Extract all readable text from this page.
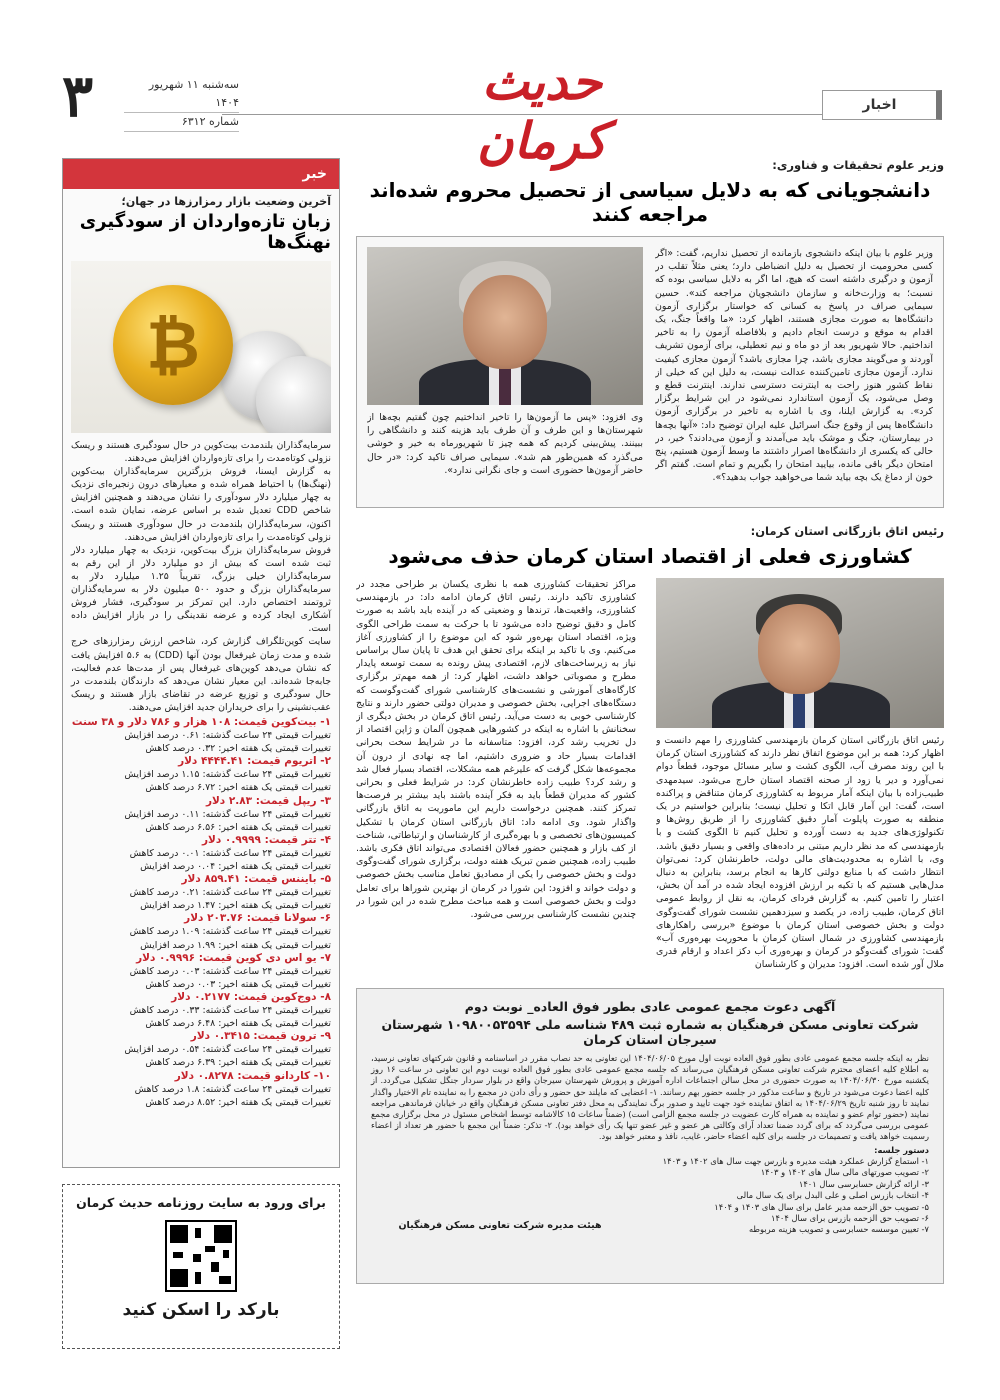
۳	سه‌شنبه ۱۱ شهریور ۱۴۰۴
شماره ۶۳۱۲
حدیث کرمان
اخبار
خبر
آخرین وضعیت بازار رمزارزها در جهان؛
زبان تازه‌واردان از سودگیری نهنگ‌ها
₿

سرمایه‌گذاران بلندمدت بیت‌کوین در حال سودگیری هستند و ریسک نزولی کوتاه‌مدت را برای تازه‌واردان افزایش می‌دهند.

به گزارش ایسنا، فروش بزرگترین سرمایه‌گذاران بیت‌کوین (نهنگ‌ها) با احتیاط همراه شده و معیارهای درون زنجیره‌ای نزدیک به چهار میلیارد دلار سودآوری را نشان می‌دهند و همچنین افزایش شاخص CDD تعدیل شده بر اساس عرضه، نمایان شده است. اکنون، سرمایه‌گذاران بلندمدت در حال سودآوری هستند و ریسک نزولی کوتاه‌مدت را برای تازه‌واردان افزایش می‌دهند.

فروش سرمایه‌گذاران بزرگ بیت‌کوین، نزدیک به چهار میلیارد دلار ثبت شده است که بیش از دو میلیارد دلار از این رقم به سرمایه‌گذاران خیلی بزرگ، تقریباً ۱.۲۵ میلیارد دلار به سرمایه‌گذاران بزرگ و حدود ۵۰۰ میلیون دلار به سرمایه‌گذاران ثروتمند اختصاص دارد. این تمرکز بر سودگیری، فشار فروش آشکاری ایجاد کرده و عرضه نقدینگی را در بازار افزایش داده است.

سایت کوین‌تلگراف گزارش کرد، شاخص ارزش رمزارزهای خرج شده و مدت زمان غیرفعال بودن آنها (CDD) به ۵.۶ افزایش یافت که نشان می‌دهد کوین‌های غیرفعال پس از مدت‌ها عدم فعالیت، جابه‌جا شده‌اند. این معیار نشان می‌دهد که دارندگان بلندمدت در حال سودگیری و توزیع عرضه در تقاضای بازار هستند و ریسک عقب‌نشینی را برای خریداران جدید افزایش می‌دهند.

۱- بیت‌کوین قیمت: ۱۰۸ هزار و ۷۸۶ دلار و ۳۸ سنت
تغییرات قیمتی ۲۴ ساعت گذشته: ۰.۶۱ درصد افزایش
تغییرات قیمتی یک هفته اخیر: ۰.۳۲ درصد کاهش
۲- اتریوم قیمت: ۴۴۴۴.۴۱ دلار
تغییرات قیمتی ۲۴ ساعت گذشته: ۱.۱۵ درصد افزایش
تغییرات قیمتی یک هفته اخیر: ۶.۷۲ درصد کاهش
۳- ریپل قیمت: ۲.۸۳ دلار
تغییرات قیمتی ۲۴ ساعت گذشته: ۰.۱۱ درصد افزایش
تغییرات قیمتی یک هفته اخیر: ۶.۵۶ درصد کاهش
۴- تتر قیمت: ۰.۹۹۹۹ دلار
تغییرات قیمتی ۲۴ ساعت گذشته: ۰.۰۱ درصد کاهش
تغییرات قیمتی یک هفته اخیر: ۰.۰۴ درصد افزایش
۵- بایننس قیمت: ۸۵۹.۴۱ دلار
تغییرات قیمتی ۲۴ ساعت گذشته: ۰.۲۱ درصد کاهش
تغییرات قیمتی یک هفته اخیر: ۱.۴۷ درصد افزایش
۶- سولانا قیمت: ۲۰۳.۷۶ دلار
تغییرات قیمتی ۲۴ ساعت گذشته: ۱.۰۹ درصد کاهش
تغییرات قیمتی یک هفته اخیر: ۱.۹۹ درصد افزایش
۷- یو اس دی کوین قیمت: ۰.۹۹۹۶ دلار
تغییرات قیمتی ۲۴ ساعت گذشته: ۰.۰۳ درصد کاهش
تغییرات قیمتی یک هفته اخیر: ۰.۰۳ درصد کاهش
۸- دوج‌کوین قیمت: ۰.۲۱۷۷ دلار
تغییرات قیمتی ۲۴ ساعت گذشته: ۰.۳۳ درصد کاهش
تغییرات قیمتی یک هفته اخیر: ۶.۴۸ درصد کاهش
۹- ترون قیمت: ۰.۳۴۱۵ دلار
تغییرات قیمتی ۲۴ ساعت گذشته: ۰.۵۴ درصد افزایش
تغییرات قیمتی یک هفته اخیر: ۶.۳۹ درصد کاهش
۱۰- کاردانو قیمت: ۰.۸۲۷۸ دلار
تغییرات قیمتی ۲۴ ساعت گذشته: ۱.۸ درصد کاهش
تغییرات قیمتی یک هفته اخیر: ۸.۵۲ درصد کاهش
برای ورود به سایت روزنامه حدیث کرمان
بارکد را اسکن کنید
وزیر علوم تحقیقات و فناوری:
دانشجویانی که به دلایل سیاسی از تحصیل محروم شده‌اند مراجعه کنند
وزیر علوم با بیان اینکه دانشجوی بازمانده از تحصیل نداریم، گفت: «اگر کسی محرومیت از تحصیل به دلیل انضباطی دارد؛ یعنی مثلاً تقلب در آزمون و درگیری داشته است که هیچ، اما اگر به دلایل سیاسی بوده که نسبت؛ به وزارت‌خانه و سازمان دانشجویان مراجعه کند». حسین سیمایی صراف در پاسخ به کسانی که خواستار برگزاری آزمون دانشگاه‌ها به صورت مجازی هستند، اظهار کرد: «ما واقعاً جنگ، یک اقدام به موقع و درست انجام دادیم و بلافاصله آزمون را به تاخیر انداختیم. حالا شهریور بعد از دو ماه و نیم تعطیلی، برای آزمون تشریف آوردند و می‌گویند مجازی باشد، چرا مجازی باشد؟ آزمون مجازی کیفیت ندارد. آزمون مجازی تامین‌کننده عدالت نیست، به دلیل این که خیلی از نقاط کشور هنوز راحت به اینترنت دسترسی ندارند. اینترنت قطع و وصل می‌شود، یک آزمون استاندارد نمی‌شود در این شرایط برگزار کرد». به گزارش ایلنا، وی با اشاره به تاخیر در برگزاری آزمون دانشگاه‌ها پس از وقوع جنگ اسرائیل علیه ایران توضیح داد: «آنها بچه‌ها در بیمارستان، جنگ و موشک باید می‌آمدند و آزمون می‌دادند؟ خیر، در حالی که یکسری از دانشگاه‌ها اصرار داشتند ما وسط آزمون هستیم، پنج امتحان دیگر باقی مانده، بیایید امتحان را بگیریم و تمام است. گفتم اگر خون از دماغ یک بچه بیاید شما می‌خواهید جواب بدهید؟».
وی افزود: «پس ما آزمون‌ها را تاخیر انداختیم چون گفتیم بچه‌ها از شهرستان‌ها و این طرف و آن طرف باید هزینه کنند و دانشگاهی را ببینند. پیش‌بینی کردیم که همه چیز تا شهریورماه به خیر و خوشی می‌گذرد که همین‌طور هم شد». سیمایی صراف تاکید کرد: «در حال حاضر آزمون‌ها حضوری است و جای نگرانی ندارد».
رئیس اتاق بازرگانی استان کرمان:
کشاورزی فعلی از اقتصاد استان کرمان حذف می‌شود
مراکز تحقیقات کشاورزی همه با نظری یکسان بر طراحی مجدد در کشاورزی تاکید دارند. رئیس اتاق کرمان ادامه داد: در بازمهندسی کشاورزی، واقعیت‌ها، ترندها و وضعیتی که در آینده باید باشد به صورت کامل و دقیق توضیح داده می‌شود تا با حرکت به سمت طراحی الگوی ویژه، اقتصاد استان بهره‌ور شود که این موضوع را از کشاورزی آغاز می‌کنیم. وی با تاکید بر اینکه برای تحقق این هدف تا پایان سال براساس نیاز به زیرساخت‌های لازم، اقتصادی پیش رونده به سمت توسعه پایدار مطرح و مصوباتی خواهد داشت، اظهار کرد: از همه مهم‌تر برگزاری کارگاه‌های آموزشی و نشست‌های کارشناسی شورای گفت‌وگوست که دستگاه‌های اجرایی، بخش خصوصی و مدیران دولتی حضور دارند و نتایج کارشناسی خوبی به دست می‌آید. رئیس اتاق کرمان در بخش دیگری از سخنانش با اشاره به اینکه در کشورهایی همچون آلمان و ژاپن اقتصاد از دل تخریب رشد کرد، افزود: متاسفانه ما در شرایط سخت بحرانی اقدامات بسیار حاد و ضروری داشتیم، اما چه نهادی از درون آن مجموعه‌ها شکل گرفت که علیرغم همه مشکلات، اقتصاد بسیار فعال شد و رشد کرد؟ طبیب زاده خاطرنشان کرد: در شرایط فعلی و بحرانی کشور که مدیران قطعاً باید به فکر آینده باشند باید بیشتر بر فرصت‌ها تمرکز کنند. همچنین درخواست داریم این ماموریت به اتاق بازرگانی واگذار شود. وی ادامه داد: اتاق بازرگانی استان کرمان با تشکیل کمیسیون‌های تخصصی و با بهره‌گیری از کارشناسان و ارتباطاتی، شناخت از کف بازار و همچنین حضور فعالان اقتصادی می‌تواند اتاق فکری باشد. طبیب زاده، همچنین ضمن تبریک هفته دولت، برگزاری شورای گفت‌وگوی دولت و بخش خصوصی را یکی از مصادیق تعامل مناسب بخش خصوصی و دولت خواند و افزود: این شورا در کرمان از بهترین شوراها برای تعامل دولت و بخش خصوصی است و همه مباحث مطرح شده در این شورا در چندین نشست کارشناسی بررسی می‌شود.
رئیس اتاق بازرگانی استان کرمان بازمهندسی کشاورزی را مهم دانست و اظهار کرد: همه بر این موضوع اتفاق نظر دارند که کشاورزی استان کرمان با این روند مصرف آب، الگوی کشت و سایر مسائل موجود، قطعاً دوام نمی‌آورد و دیر یا زود از صحنه اقتصاد استان خارج می‌شود. سیدمهدی طبیب‌زاده با بیان اینکه آمار مربوط به کشاورزی کرمان متناقض و پراکنده است، گفت: این آمار قابل اتکا و تحلیل نیست؛ بنابراین خواستیم در یک منطقه به صورت پایلوت آمار دقیق کشاورزی را از طریق روش‌ها و تکنولوژی‌های جدید به دست آورده و تحلیل کنیم تا الگوی کشت و با بازمهندسی که مد نظر داریم مبتنی بر داده‌های واقعی و بسیار دقیق باشد. وی، با اشاره به محدودیت‌های مالی دولت، خاطرنشان کرد: نمی‌توان انتظار داشت که با منابع دولتی کارها به انجام برسد، بنابراین به دنبال مدل‌هایی هستیم که با تکیه بر ارزش افزوده ایجاد شده در آمد آن بخش، اعتبار را تامین کنیم. به گزارش فردای کرمان، به نقل از روابط عمومی اتاق کرمان، طبیب زاده، در یکصد و سیزدهمین نشست شورای گفت‌وگوی دولت و بخش خصوصی استان کرمان با موضوع «بررسی راهکارهای بازمهندسی کشاورزی در شمال استان کرمان با محوریت بهره‌وری آب» گفت: شورای گفت‌وگو در کرمان و بهره‌وری آب دکز اعداد و ارقام قدری ملال آور شده است. افزود: مدیران و کارشناسان
آگهی دعوت مجمع عمومی عادی بطور فوق العاده_ نوبت دوم
شرکت تعاونی مسکن فرهنگیان به شماره ثبت ۴۸۹ شناسه ملی ۱۰۹۸۰۰۵۳۵۹۴ شهرستان سیرجان استان کرمان
نظر به اینکه جلسه مجمع عمومی عادی بطور فوق العاده نوبت اول مورخ ۱۴۰۴/۰۶/۰۵ این تعاونی به حد نصاب مقرر در اساسنامه و قانون شرکتهای تعاونی نرسید، به اطلاع کلیه اعضای محترم شرکت تعاونی مسکن فرهنگیان می‌رساند که جلسه مجمع عمومی عادی بطور فوق العاده نوبت دوم این تعاونی در ساعت ۱۶ روز یکشنبه مورخ ۱۴۰۴/۰۶/۳۰ به صورت حضوری در محل سالن اجتماعات اداره آموزش و پرورش شهرستان سیرجان واقع در بلوار سردار جنگل تشکیل می‌گردد. از کلیه اعضا دعوت می‌شود در تاریخ و ساعت مذکور در جلسه حضور بهم رسانند. ۱- اعضایی که مایلند حق حضور و رأی دادن در مجمع را به نماینده تام الاختیار واگذار نمایند تا روز شنبه تاریخ ۱۴۰۴/۰۶/۲۹ به اتفاق نماینده خود جهت تایید و صدور برگ نمایندگی به محل دفتر تعاونی مسکن فرهنگیان واقع در خیابان فرماندهی مراجعه نمایند (حضور توام عضو و نماینده به همراه کارت عضویت در جلسه مجمع الزامی است) (ضمناً ساعات ۱۵ کالاشامه توسط اشخاص مسئول در محل برگزاری مجمع عمومی بررسی می‌گردد که برای گردد ضمنا تعداد آرای وکالتی هر عضو و غیر عضو تنها یک رأی خواهد بود). ۲- تذکر: ضمناً این مجمع با حضور هر تعداد از اعضاء رسمیت خواهد یافت و تصمیمات در جلسه برای کلیه اعضاء حاضر، غایب، نافذ و معتبر خواهد بود.
دستور جلسه:
۱- استماع گزارش عملکرد هیئت مدیره و بازرس جهت سال های ۱۴۰۲ و ۱۴۰۳
۲- تصویب صورتهای مالی سال های ۱۴۰۲ و ۱۴۰۳
۳- ارائه گزارش حسابرسی سال ۱۴۰۱
۴- انتخاب بازرس اصلی و علی البدل برای یک سال مالی
۵- تصویب حق الزحمه مدیر عامل برای سال های ۱۴۰۳ و ۱۴۰۴
۶- تصویب حق الزحمه بازرس برای سال ۱۴۰۴
۷- تعیین موسسه حسابرسی و تصویب هزینه مربوطه
هیئت مدیره شرکت تعاونی مسکن فرهنگیان
